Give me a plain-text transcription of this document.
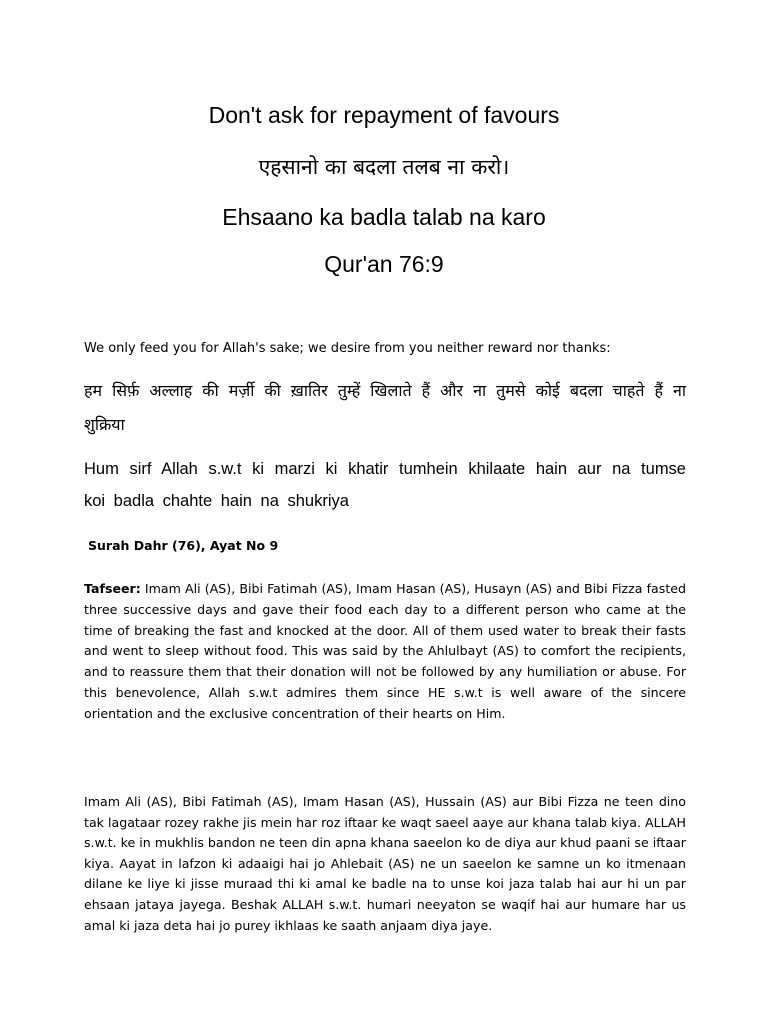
Don't ask for repayment of favours
एहसानो का बदला तलब ना करो।
Ehsaano ka badla talab na karo
Qur'an 76:9

We only feed you for Allah's sake; we desire from you neither reward nor thanks:

हम सिर्फ़ अल्लाह की मर्ज़ी की ख़ातिर तुम्हें खिलाते हैं और ना तुमसे कोई बदला चाहते हैं ना शुक्रिया

Hum sirf Allah s.w.t ki marzi ki khatir tumhein khilaate hain aur na tumse koi badla chahte hain na shukriya

Surah Dahr (76), Ayat No 9

Tafseer: Imam Ali (AS), Bibi Fatimah (AS), Imam Hasan (AS), Husayn (AS) and Bibi Fizza fasted three successive days and gave their food each day to a different person who came at the time of breaking the fast and knocked at the door. All of them used water to break their fasts and went to sleep without food. This was said by the Ahlulbayt (AS) to comfort the recipients, and to reassure them that their donation will not be followed by any humiliation or abuse. For this benevolence, Allah s.w.t admires them since HE s.w.t is well aware of the sincere orientation and the exclusive concentration of their hearts on Him.

Imam Ali (AS), Bibi Fatimah (AS), Imam Hasan (AS), Hussain (AS) aur Bibi Fizza ne teen dino tak lagataar rozey rakhe jis mein har roz iftaar ke waqt saeel aaye aur khana talab kiya. ALLAH s.w.t. ke in mukhlis bandon ne teen din apna khana saeelon ko de diya aur khud paani se iftaar kiya. Aayat in lafzon ki adaaigi hai jo Ahlebait (AS) ne un saeelon ke samne un ko itmenaan dilane ke liye ki jisse muraad thi ki amal ke badle na to unse koi jaza talab hai aur hi un par ehsaan jataya jayega. Beshak ALLAH s.w.t. humari neeyaton se waqif hai aur humare har us amal ki jaza deta hai jo purey ikhlaas ke saath anjaam diya jaye.
